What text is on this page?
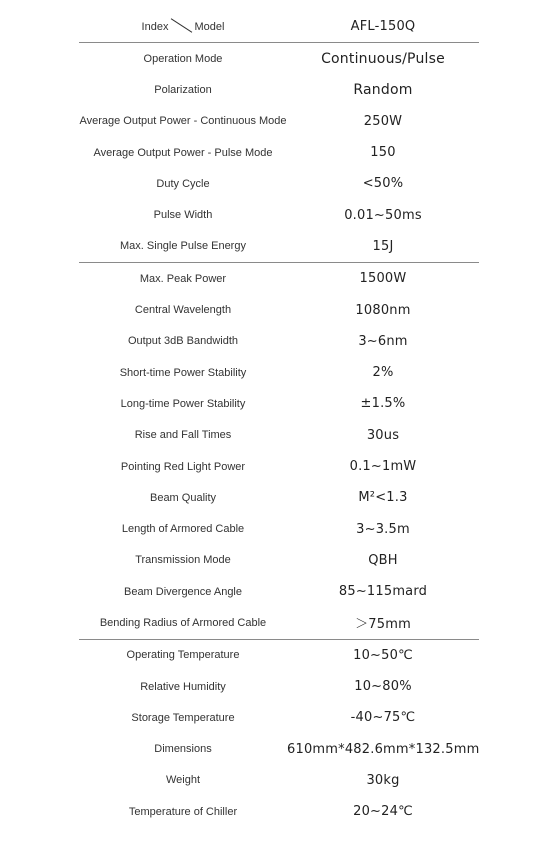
Index Model	AFL-150Q
Operation Mode	Continuous/Pulse
Polarization	Random
Average Output Power - Continuous Mode	250W
Average Output Power - Pulse Mode	150
Duty Cycle	<50%
Pulse Width	0.01~50ms
Max. Single Pulse Energy	15J
Max. Peak Power	1500W
Central Wavelength	1080nm
Output 3dB Bandwidth	3~6nm
Short-time Power Stability	2%
Long-time Power Stability	±1.5%
Rise and Fall Times	30us
Pointing Red Light Power	0.1~1mW
Beam Quality	M²<1.3
Length of Armored Cable	3~3.5m
Transmission Mode	QBH
Beam Divergence Angle	85~115mard
Bending Radius of Armored Cable	＞75mm
Operating Temperature	10~50℃
Relative Humidity	10~80%
Storage Temperature	-40~75℃
Dimensions	610mm*482.6mm*132.5mm
Weight	30kg
Temperature of Chiller	20~24℃
